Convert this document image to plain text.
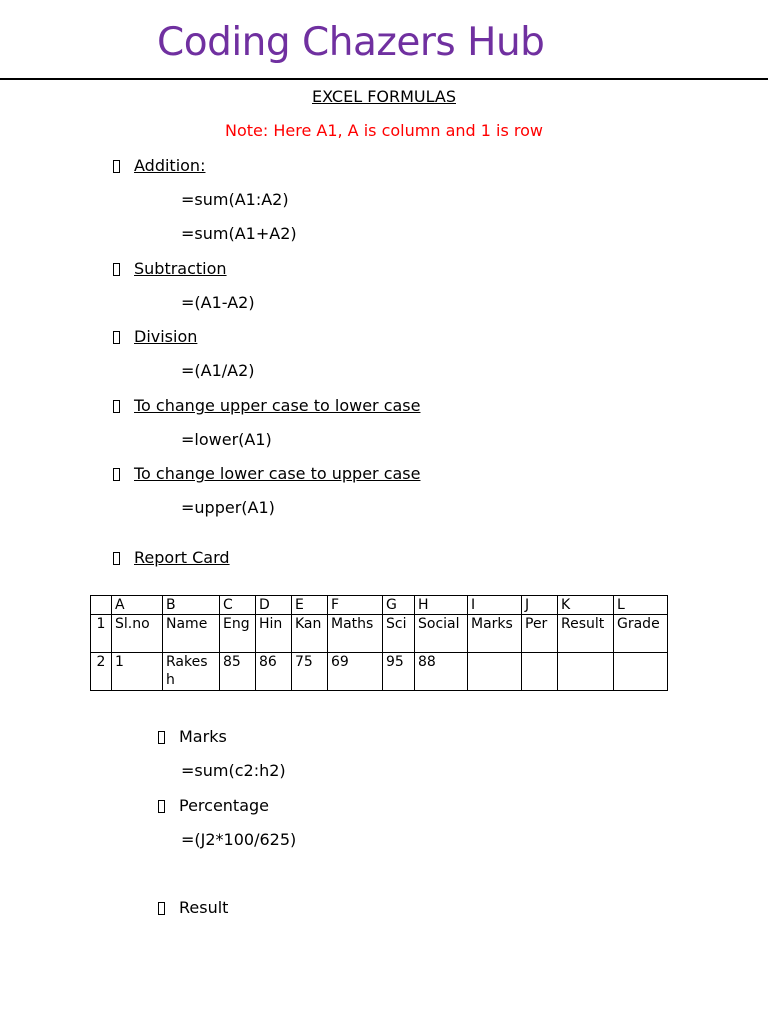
Coding Chazers Hub
EXCEL FORMULAS
Note: Here A1, A is column and 1 is row
Addition:
=sum(A1:A2)
=sum(A1+A2)
Subtraction
=(A1-A2)
Division
=(A1/A2)
To change upper case to lower case
=lower(A1)
To change lower case to upper case
=upper(A1)
Report Card
	A	B	C	D	E	F	G	H	I	J	K	L
1	Sl.no	Name	Eng	Hin	Kan	Maths	Sci	Social	Marks	Per	Result	Grade
2	1	Rakesh	85	86	75	69	95	88				
Marks
=sum(c2:h2)
Percentage
=(J2*100/625)
Result
